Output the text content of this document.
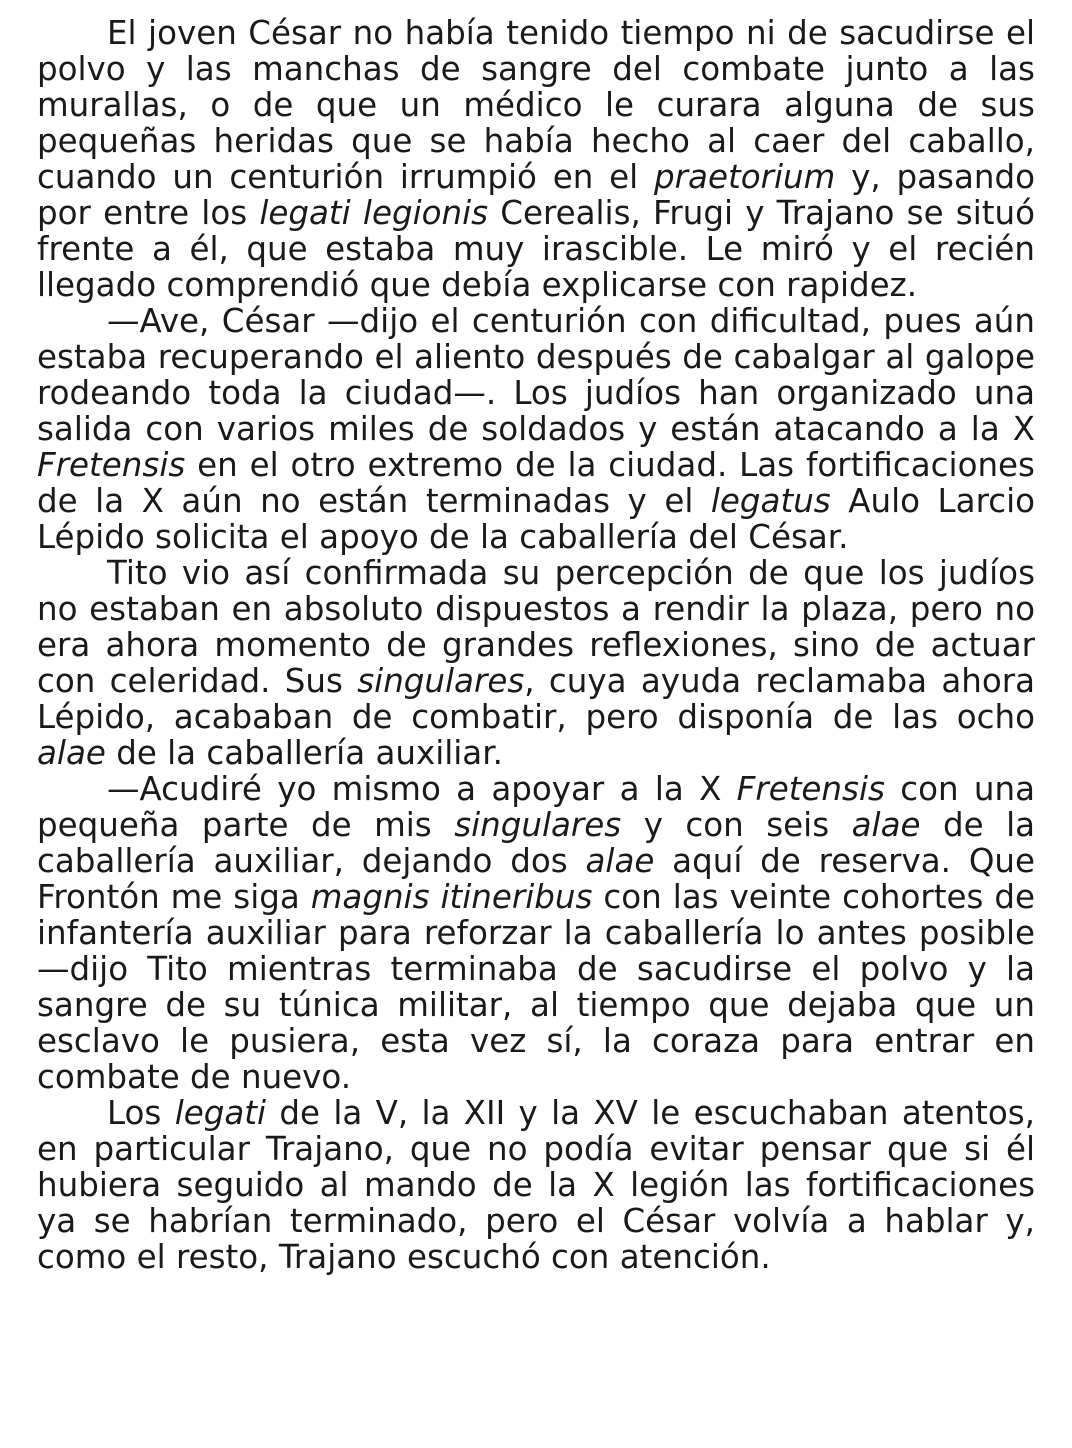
El joven César no había tenido tiempo ni de sacudirse el polvo y las manchas de sangre del combate junto a las murallas, o de que un médico le curara alguna de sus pequeñas heridas que se había hecho al caer del caballo, cuando un centurión irrumpió en el praetorium y, pasando por entre los legati legionis Cerealis, Frugi y Trajano se situó frente a él, que estaba muy irascible. Le miró y el recién llegado comprendió que debía explicarse con rapidez.

—Ave, César —dijo el centurión con dificultad, pues aún estaba recuperando el aliento después de cabalgar al galope rodeando toda la ciudad—. Los judíos han organizado una salida con varios miles de soldados y están atacando a la X Fretensis en el otro extremo de la ciudad. Las fortificaciones de la X aún no están terminadas y el legatus Aulo Larcio Lépido solicita el apoyo de la caballería del César.

Tito vio así confirmada su percepción de que los judíos no estaban en absoluto dispuestos a rendir la plaza, pero no era ahora momento de grandes reflexiones, sino de actuar con celeridad. Sus singulares, cuya ayuda reclamaba ahora Lépido, acababan de combatir, pero disponía de las ocho alae de la caballería auxiliar.

—Acudiré yo mismo a apoyar a la X Fretensis con una pequeña parte de mis singulares y con seis alae de la caballería auxiliar, dejando dos alae aquí de reserva. Que Frontón me siga magnis itineribus con las veinte cohortes de infantería auxiliar para reforzar la caballería lo antes posible —dijo Tito mientras terminaba de sacudirse el polvo y la sangre de su túnica militar, al tiempo que dejaba que un esclavo le pusiera, esta vez sí, la coraza para entrar en combate de nuevo.

Los legati de la V, la XII y la XV le escuchaban atentos, en particular Trajano, que no podía evitar pensar que si él hubiera seguido al mando de la X legión las fortificaciones ya se habrían terminado, pero el César volvía a hablar y, como el resto, Trajano escuchó con atención.
